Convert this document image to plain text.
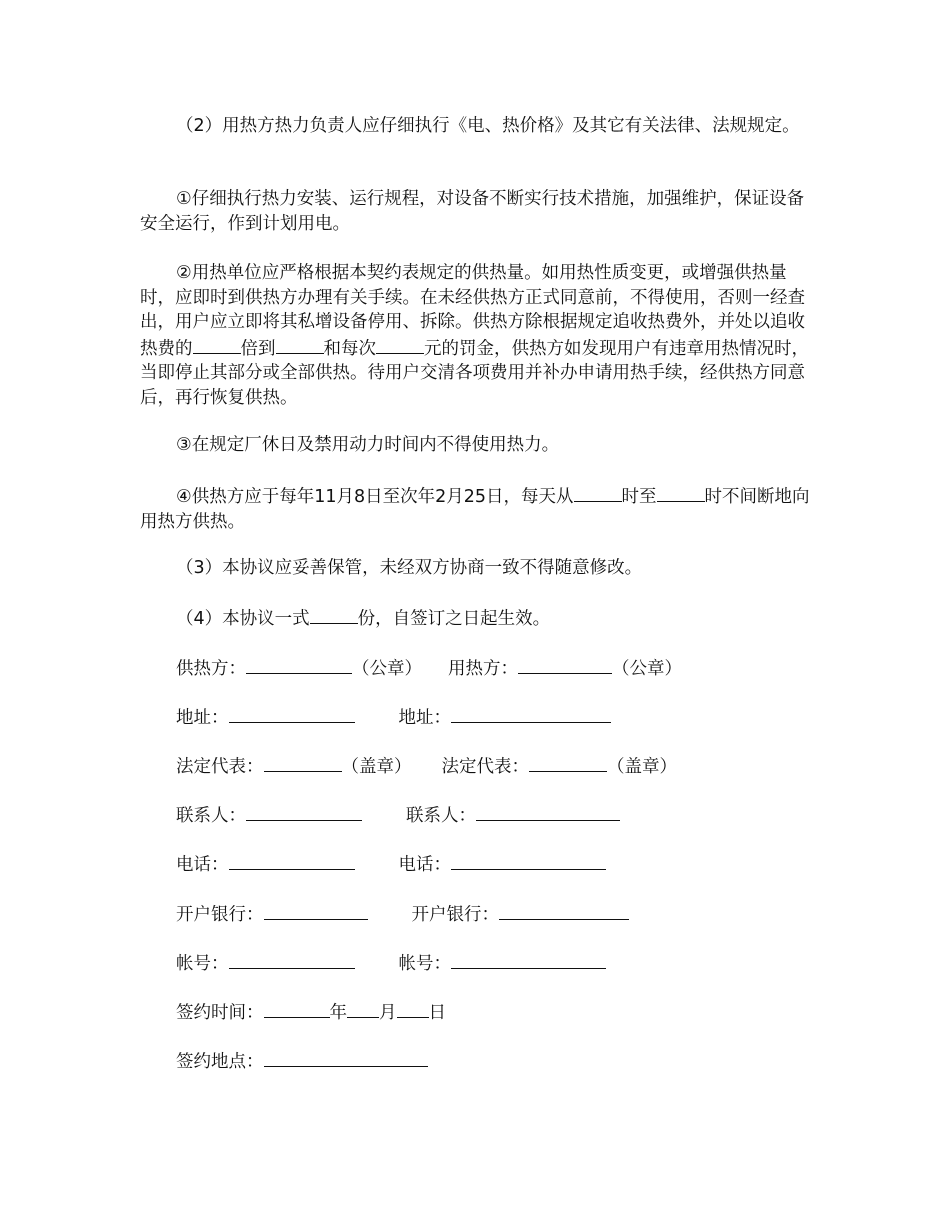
（2）用热方热力负责人应仔细执行《电、热价格》及其它有关法律、法规规定。

①仔细执行热力安装、运行规程，对设备不断实行技术措施，加强维护，保证设备安全运行，作到计划用电。

②用热单位应严格根据本契约表规定的供热量。如用热性质变更，或增强供热量时，应即时到供热方办理有关手续。在未经供热方正式同意前，不得使用，否则一经查出，用户应立即将其私增设备停用、拆除。供热方除根据规定追收热费外，并处以追收热费的	倍到	和每次	元的罚金，供热方如发现用户有违章用热情况时，当即停止其部分或全部供热。待用户交清各项费用并补办申请用热手续，经供热方同意后，再行恢复供热。

③在规定厂休日及禁用动力时间内不得使用热力。

④供热方应于每年11月8日至次年2月25日，每天从	时至	时不间断地向用热方供热。

（3）本协议应妥善保管，未经双方协商一致不得随意修改。

（4）本协议一式	份，自签订之日起生效。

供热方：	（公章） 用热方：	（公章）
地址：	地址：
法定代表：	（盖章） 法定代表：	（盖章）
联系人：	联系人：
电话：	电话：
开户银行：	开户银行：
帐号：	帐号：
签约时间：	年 月 日
签约地点：
